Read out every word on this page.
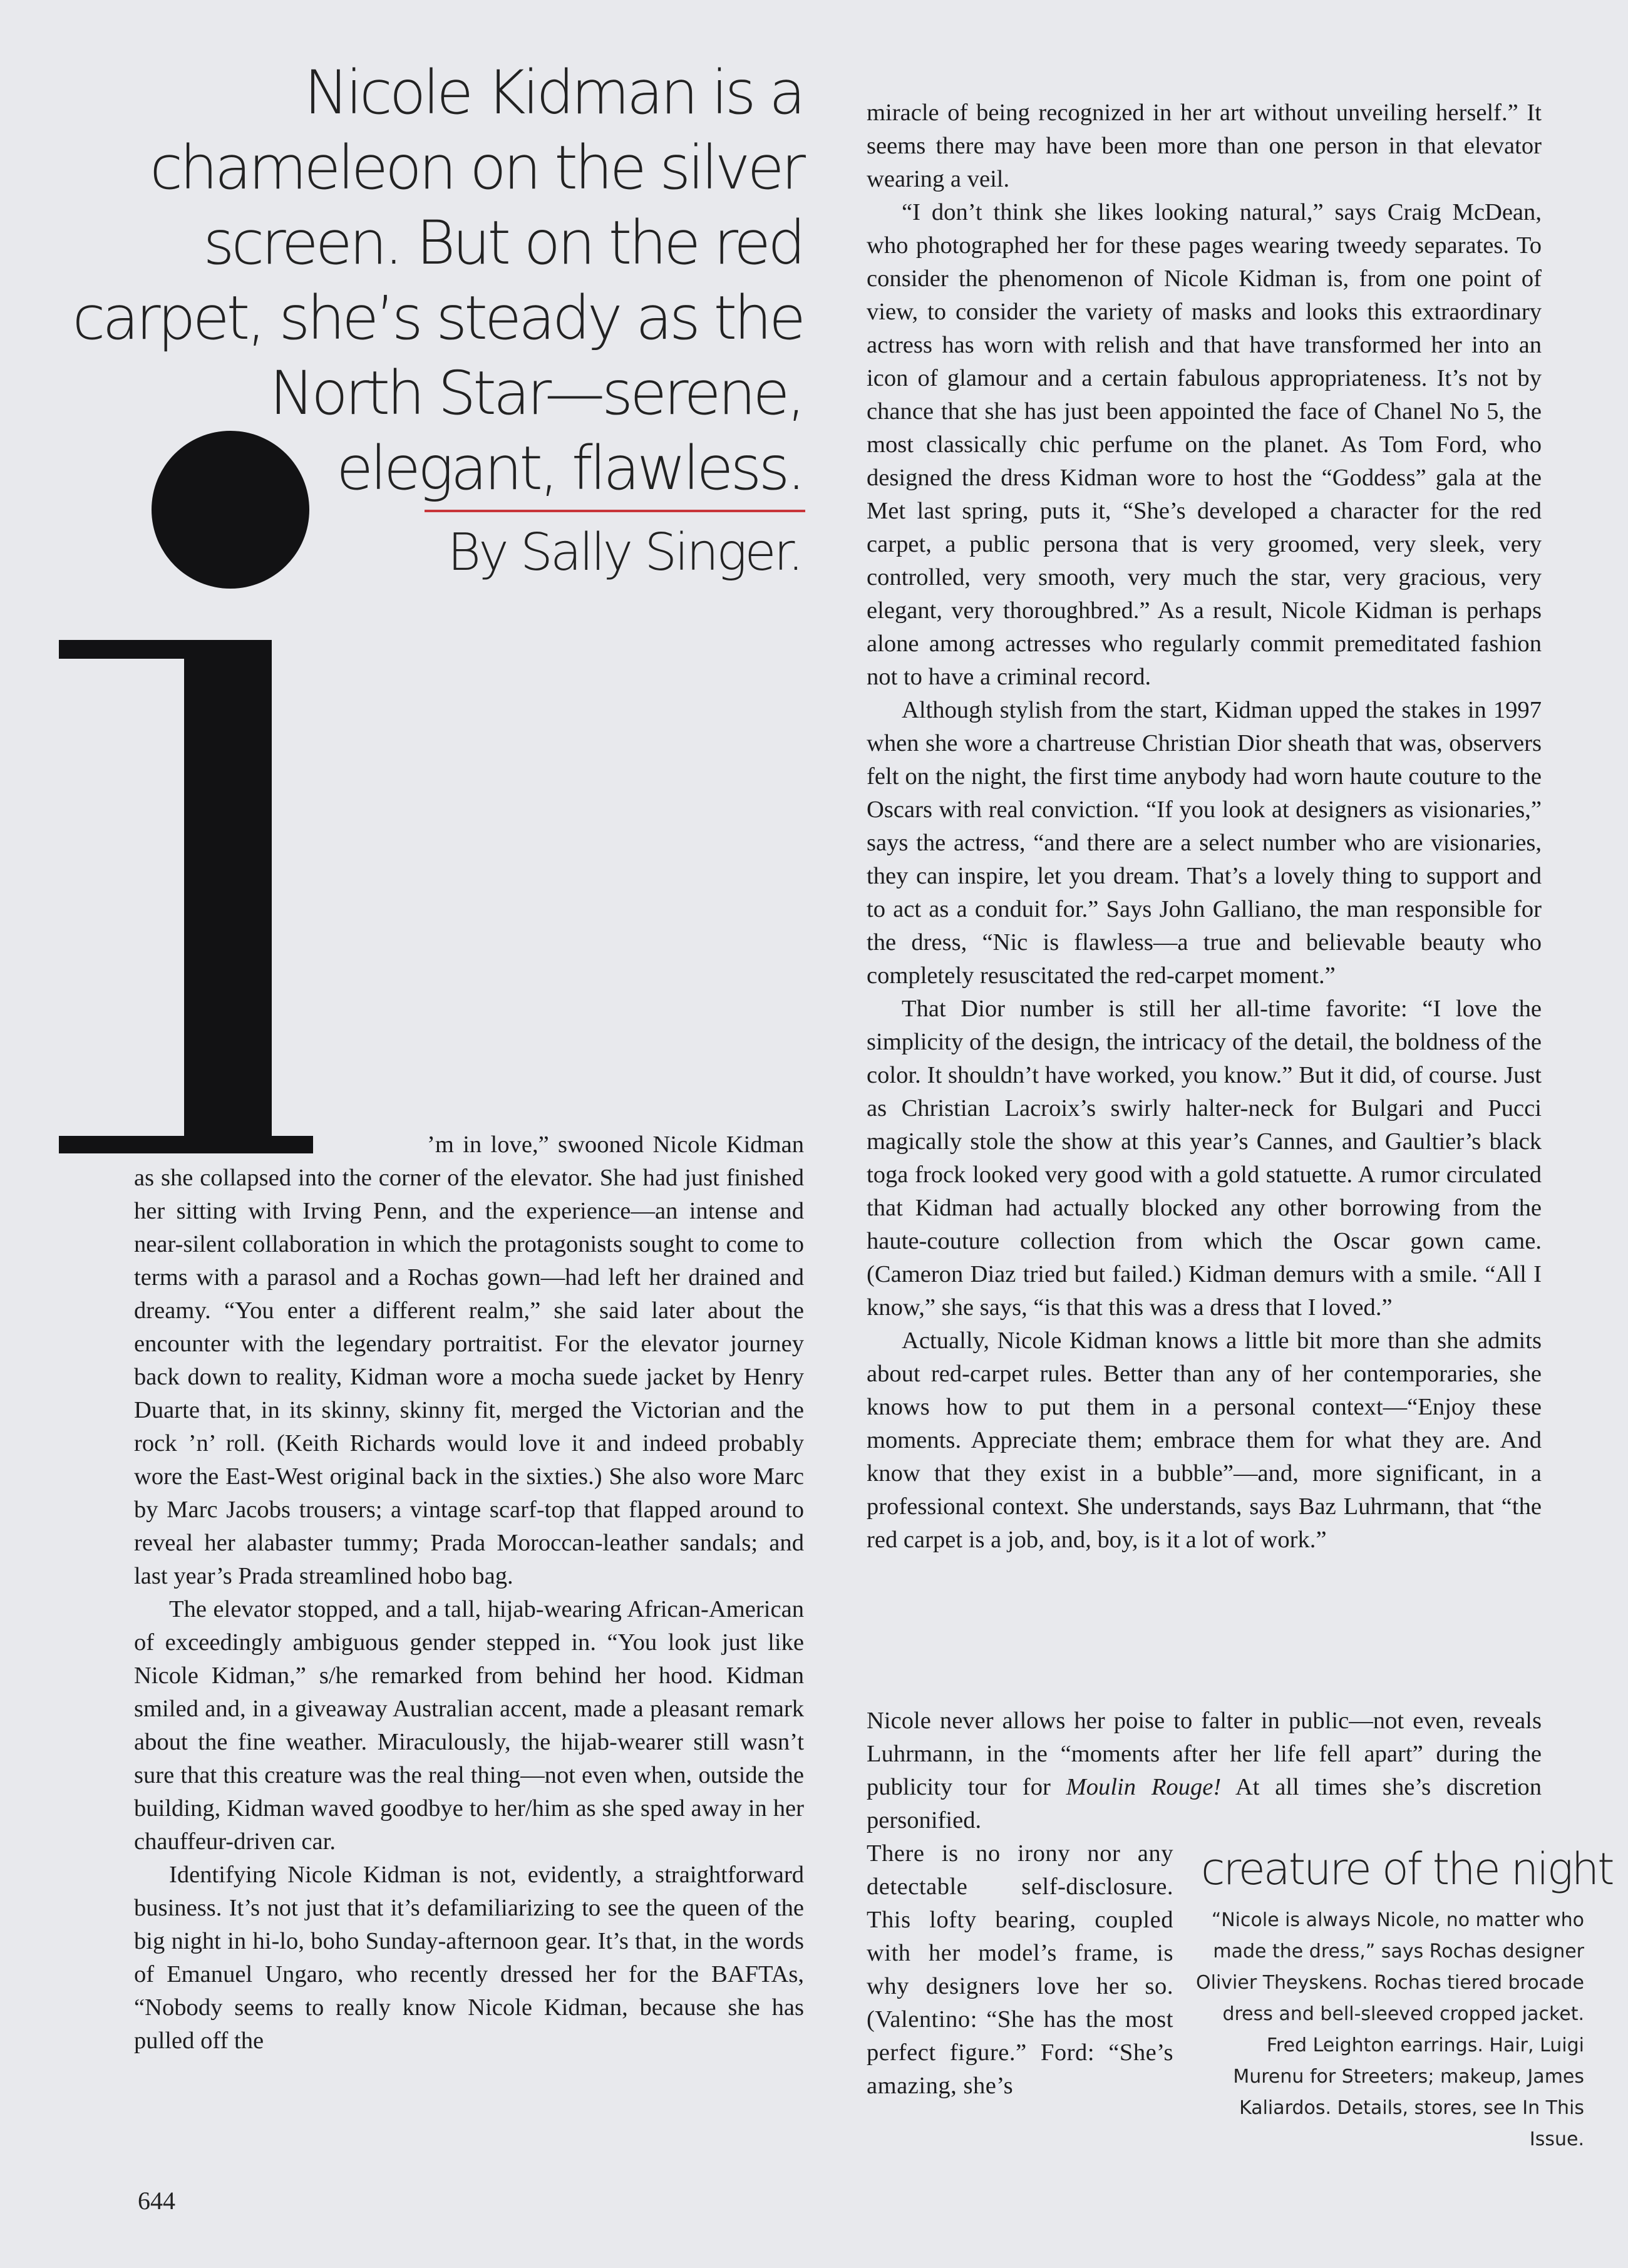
Nicole Kidman is a
chameleon on the silver
screen. But on the red
carpet, she’s steady as the
North Star—serene,
elegant, flawless.
By Sally Singer.

’m in love,” swooned Nicole Kidman as she collapsed into the corner of the elevator. She had just finished her sitting with Irving Penn, and the experience—an intense and near-silent collaboration in which the protagonists sought to come to terms with a parasol and a Rochas gown—had left her drained and dreamy. “You enter a different realm,” she said later about the encounter with the legendary portraitist. For the elevator journey back down to reality, Kidman wore a mocha suede jacket by Henry Duarte that, in its skinny, skinny fit, merged the Victorian and the rock ’n’ roll. (Keith Richards would love it and indeed probably wore the East-West original back in the sixties.) She also wore Marc by Marc Jacobs trousers; a vintage scarf-top that flapped around to reveal her alabaster tummy; Prada Moroccan-leather sandals; and last year’s Prada streamlined hobo bag.

The elevator stopped, and a tall, hijab-wearing African-American of exceedingly ambiguous gender stepped in. “You look just like Nicole Kidman,” s/he remarked from behind her hood. Kidman smiled and, in a giveaway Australian accent, made a pleasant remark about the fine weather. Miraculously, the hijab-wearer still wasn’t sure that this creature was the real thing—not even when, outside the building, Kidman waved goodbye to her/him as she sped away in her chauffeur-driven car.

Identifying Nicole Kidman is not, evidently, a straightforward business. It’s not just that it’s defamiliarizing to see the queen of the big night in hi-lo, boho Sunday-afternoon gear. It’s that, in the words of Emanuel Ungaro, who recently dressed her for the BAFTAs, “Nobody seems to really know Nicole Kidman, because she has pulled off the

miracle of being recognized in her art without unveiling herself.” It seems there may have been more than one person in that elevator wearing a veil.

“I don’t think she likes looking natural,” says Craig McDean, who photographed her for these pages wearing tweedy separates. To consider the phenomenon of Nicole Kidman is, from one point of view, to consider the variety of masks and looks this extraordinary actress has worn with relish and that have transformed her into an icon of glamour and a certain fabulous appropriateness. It’s not by chance that she has just been appointed the face of Chanel No 5, the most classically chic perfume on the planet. As Tom Ford, who designed the dress Kidman wore to host the “Goddess” gala at the Met last spring, puts it, “She’s developed a character for the red carpet, a public persona that is very groomed, very sleek, very controlled, very smooth, very much the star, very gracious, very elegant, very thoroughbred.” As a result, Nicole Kidman is perhaps alone among actresses who regularly commit premeditated fashion not to have a criminal record.

Although stylish from the start, Kidman upped the stakes in 1997 when she wore a chartreuse Christian Dior sheath that was, observers felt on the night, the first time anybody had worn haute couture to the Oscars with real conviction. “If you look at designers as visionaries,” says the actress, “and there are a select number who are visionaries, they can inspire, let you dream. That’s a lovely thing to support and to act as a conduit for.” Says John Galliano, the man responsible for the dress, “Nic is flawless—a true and believable beauty who completely resuscitated the red-carpet moment.”

That Dior number is still her all-time favorite: “I love the simplicity of the design, the intricacy of the detail, the boldness of the color. It shouldn’t have worked, you know.” But it did, of course. Just as Christian Lacroix’s swirly halter-neck for Bulgari and Pucci magically stole the show at this year’s Cannes, and Gaultier’s black toga frock looked very good with a gold statuette. A rumor circulated that Kidman had actually blocked any other borrowing from the haute-couture collection from which the Oscar gown came. (Cameron Diaz tried but failed.) Kidman demurs with a smile. “All I know,” she says, “is that this was a dress that I loved.”

Actually, Nicole Kidman knows a little bit more than she admits about red-carpet rules. Better than any of her contemporaries, she knows how to put them in a personal context—“Enjoy these moments. Appreciate them; embrace them for what they are. And know that they exist in a bubble”—and, more significant, in a professional context. She understands, says Baz Luhrmann, that “the red carpet is a job, and, boy, is it a lot of work.”

Nicole never allows her poise to falter in public—not even, reveals Luhrmann, in the “moments after her life fell apart” during the publicity tour for Moulin Rouge! At all times she’s discretion personified.

There is no irony nor any detectable self-disclosure. This lofty bearing, coupled with her model’s frame, is why designers love her so. (Valentino: “She has the most perfect figure.” Ford: “She’s amazing, she’s

creature of the night
“Nicole is always Nicole, no matter who made the dress,” says Rochas designer Olivier Theyskens. Rochas tiered brocade dress and bell-sleeved cropped jacket. Fred Leighton earrings. Hair, Luigi Murenu for Streeters; makeup, James Kaliardos. Details, stores, see In This Issue.
644
